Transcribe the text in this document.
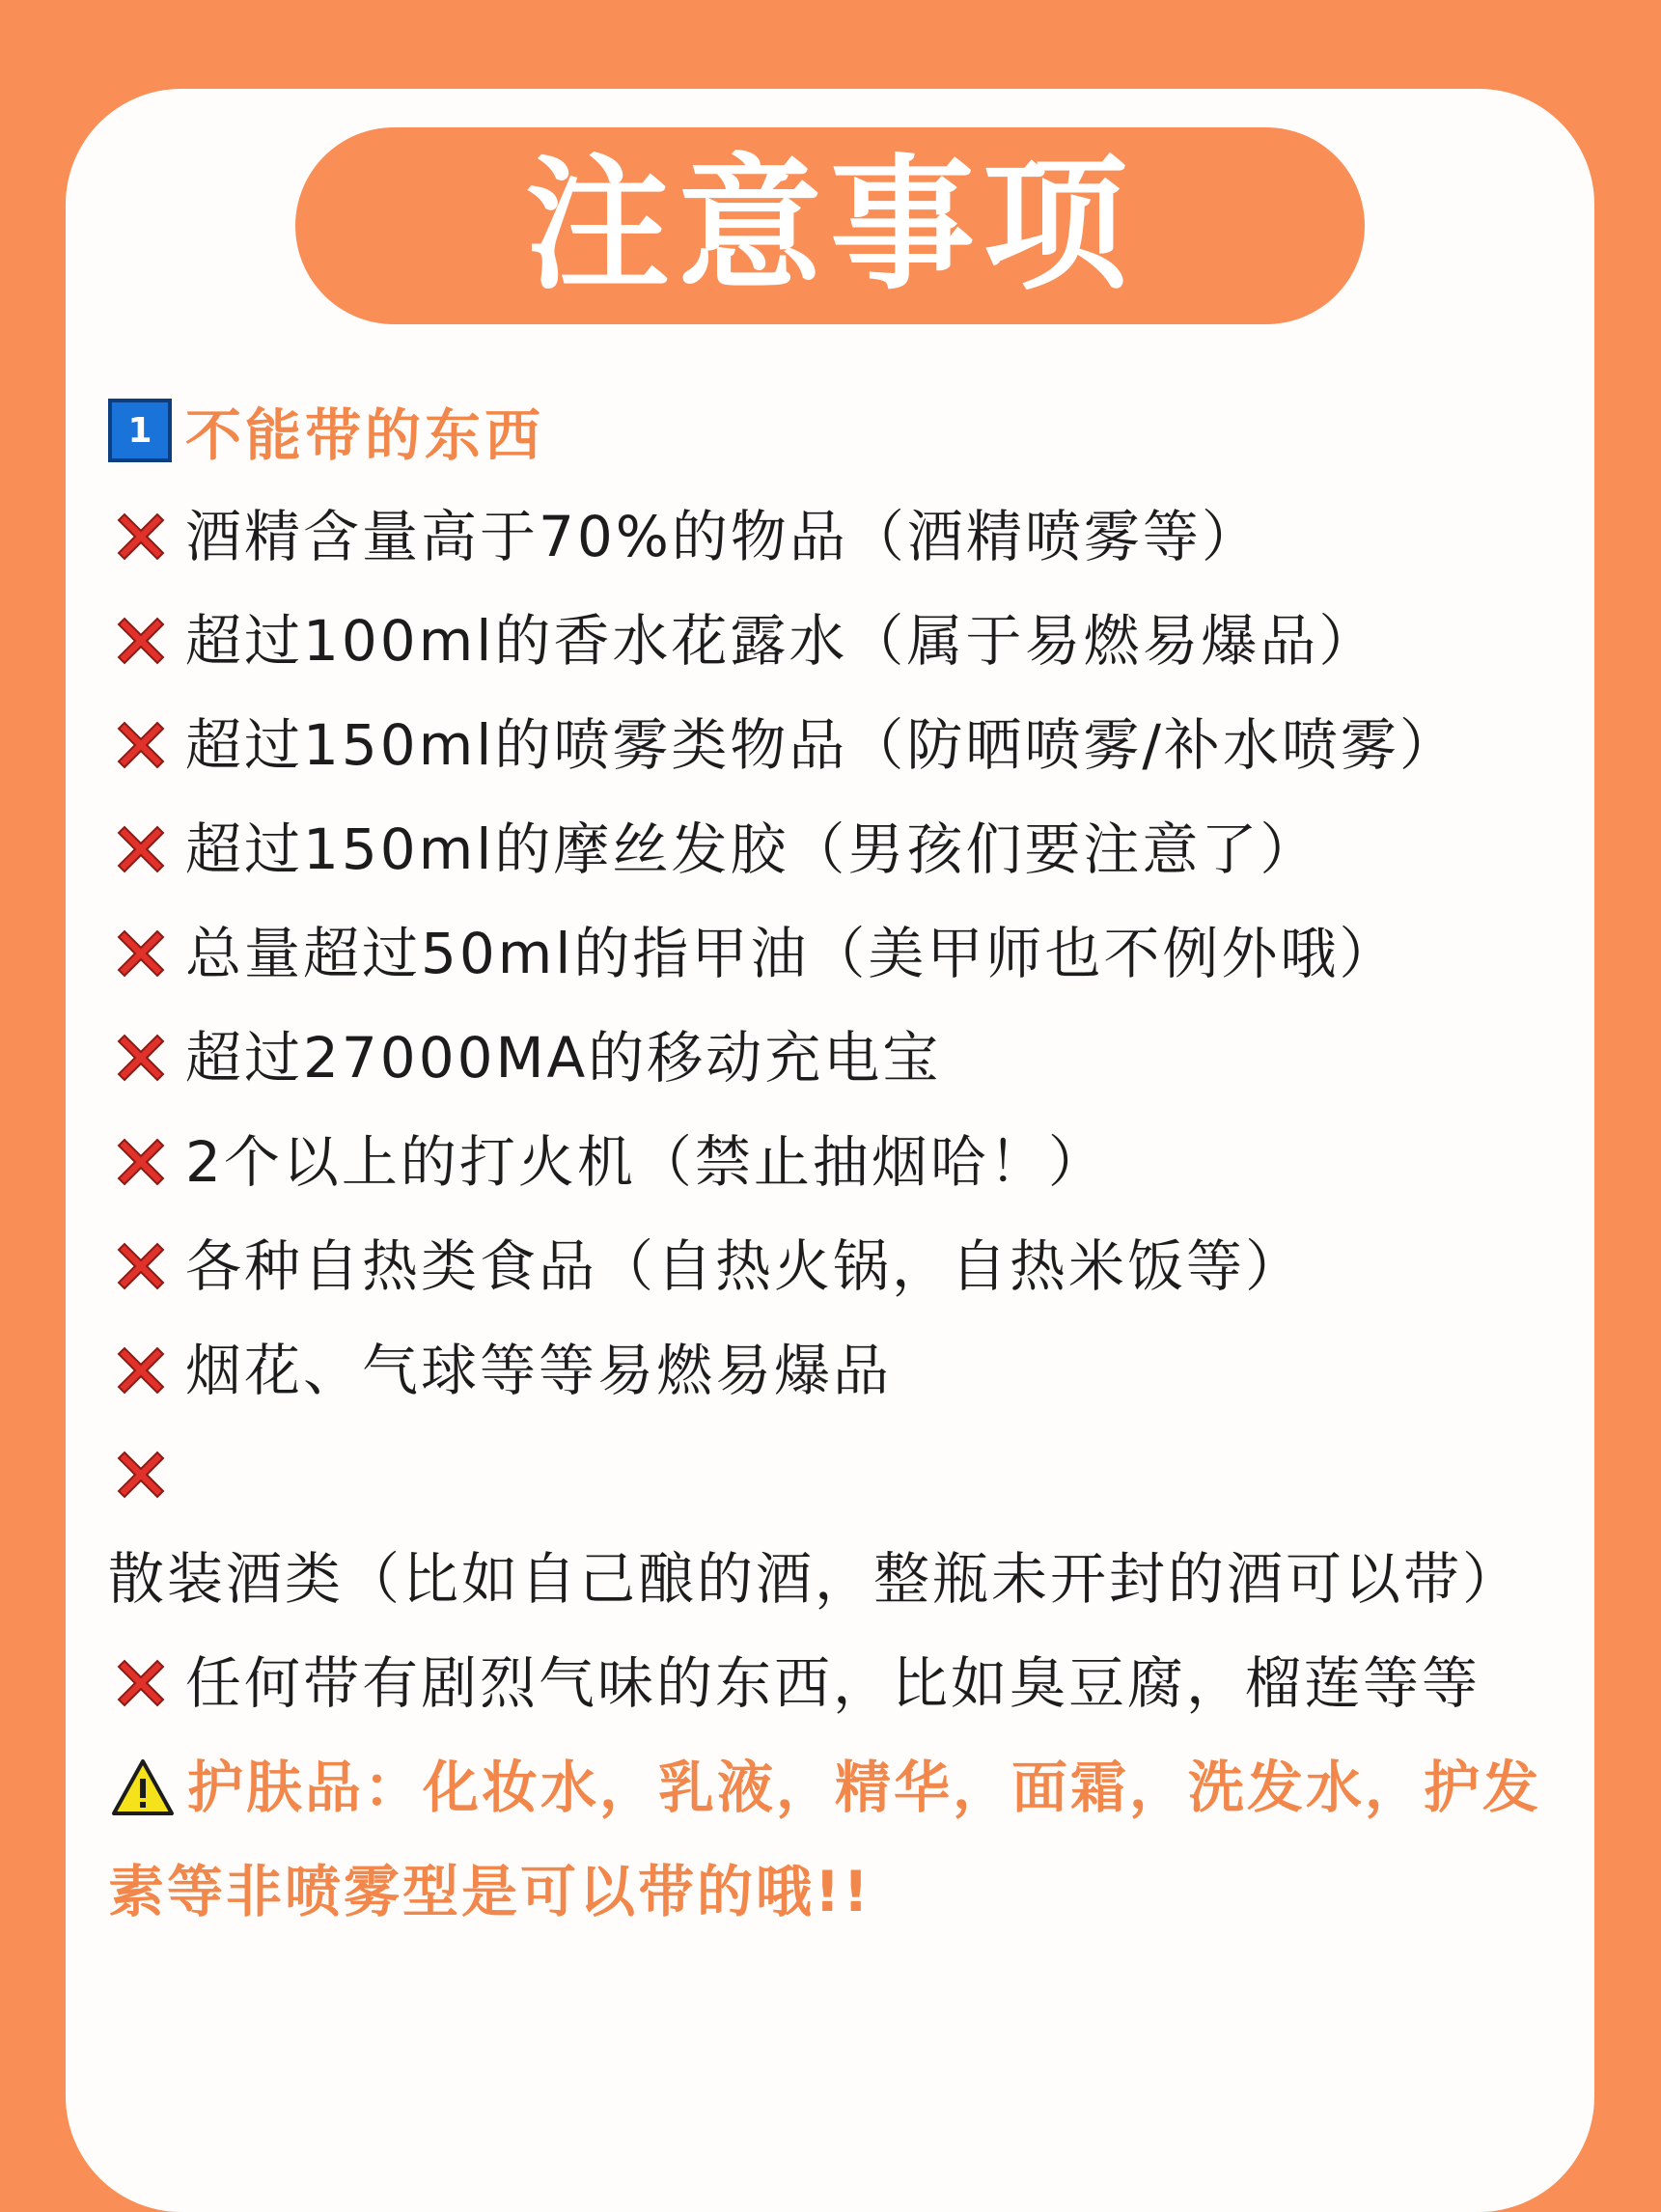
注意事项
1 不能带的东西
酒精含量高于70%的物品（酒精喷雾等）
超过100ml的香水花露水（属于易燃易爆品）
超过150ml的喷雾类物品（防晒喷雾/补水喷雾）
超过150ml的摩丝发胶（男孩们要注意了）
总量超过50ml的指甲油（美甲师也不例外哦）
超过27000MA的移动充电宝
2个以上的打火机（禁止抽烟哈！）
各种自热类食品（自热火锅，自热米饭等）
烟花、气球等等易燃易爆品
散装酒类（比如自己酿的酒，整瓶未开封的酒可以带）
任何带有剧烈气味的东西，比如臭豆腐，榴莲等等
护肤品：化妆水，乳液，精华，面霜，洗发水，护发素等非喷雾型是可以带的哦!!
